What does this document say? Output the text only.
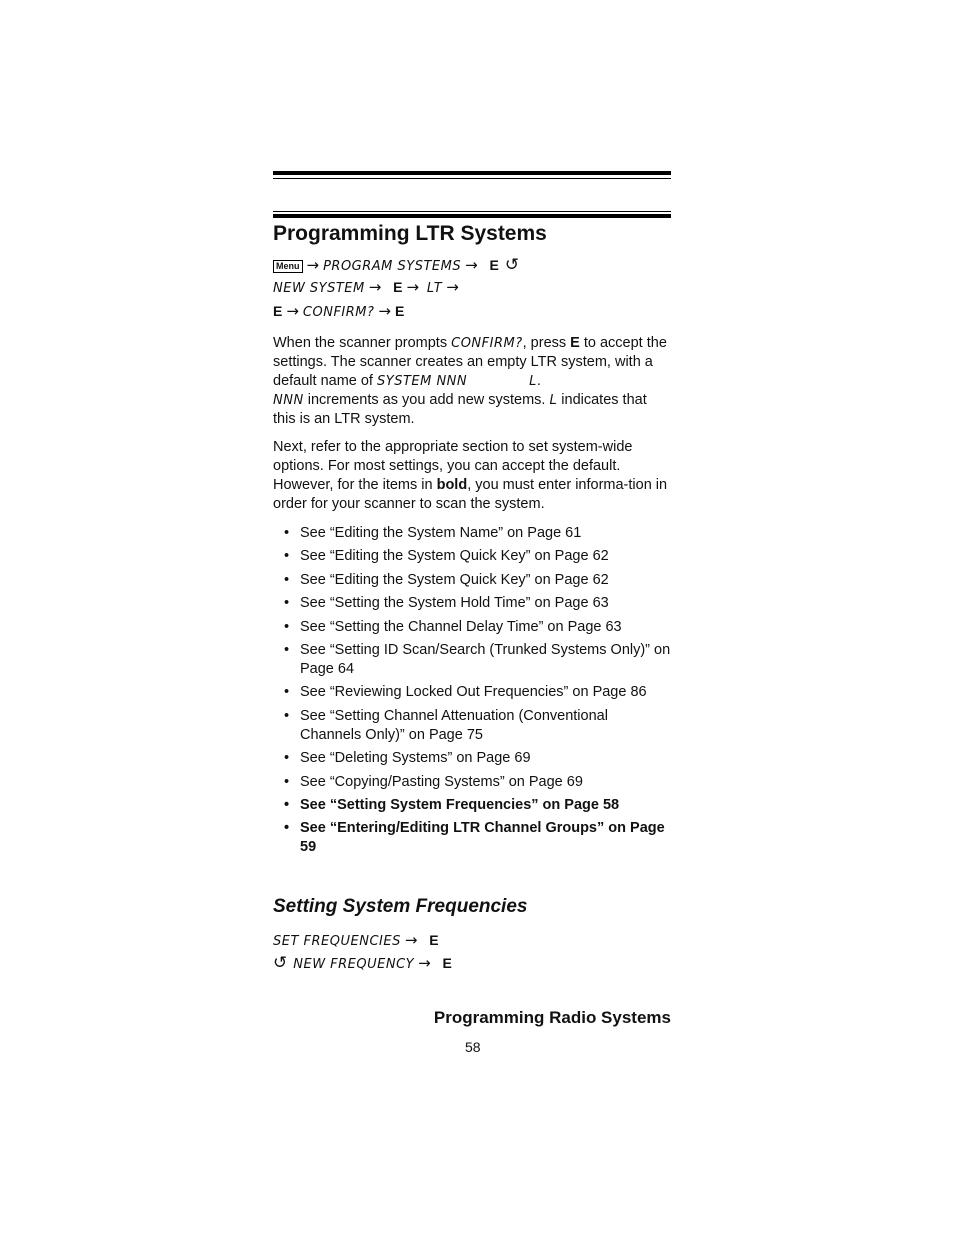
Programming LTR Systems
Menu → PROGRAM SYSTEMS → E ↺
NEW SYSTEM → E → LT →
E → CONFIRM? → E
When the scanner prompts CONFIRM?, press E to accept the settings. The scanner creates an empty LTR system, with a default name of SYSTEM NNN	L.
NNN increments as you add new systems. L indicates that this is an LTR system.
Next, refer to the appropriate section to set system-wide options. For most settings, you can accept the default. However, for the items in bold, you must enter informa-tion in order for your scanner to scan the system.
• See “Editing the System Name” on Page 61
• See “Editing the System Quick Key” on Page 62
• See “Editing the System Quick Key” on Page 62
• See “Setting the System Hold Time” on Page 63
• See “Setting the Channel Delay Time” on Page 63
• See “Setting ID Scan/Search (Trunked Systems Only)” on Page 64
• See “Reviewing Locked Out Frequencies” on Page 86
• See “Setting Channel Attenuation (Conventional Channels Only)” on Page 75
• See “Deleting Systems” on Page 69
• See “Copying/Pasting Systems” on Page 69
• See “Setting System Frequencies” on Page 58
• See “Entering/Editing LTR Channel Groups” on Page 59
Setting System Frequencies
SET FREQUENCIES → E
↺ NEW FREQUENCY → E
Programming Radio Systems
58
